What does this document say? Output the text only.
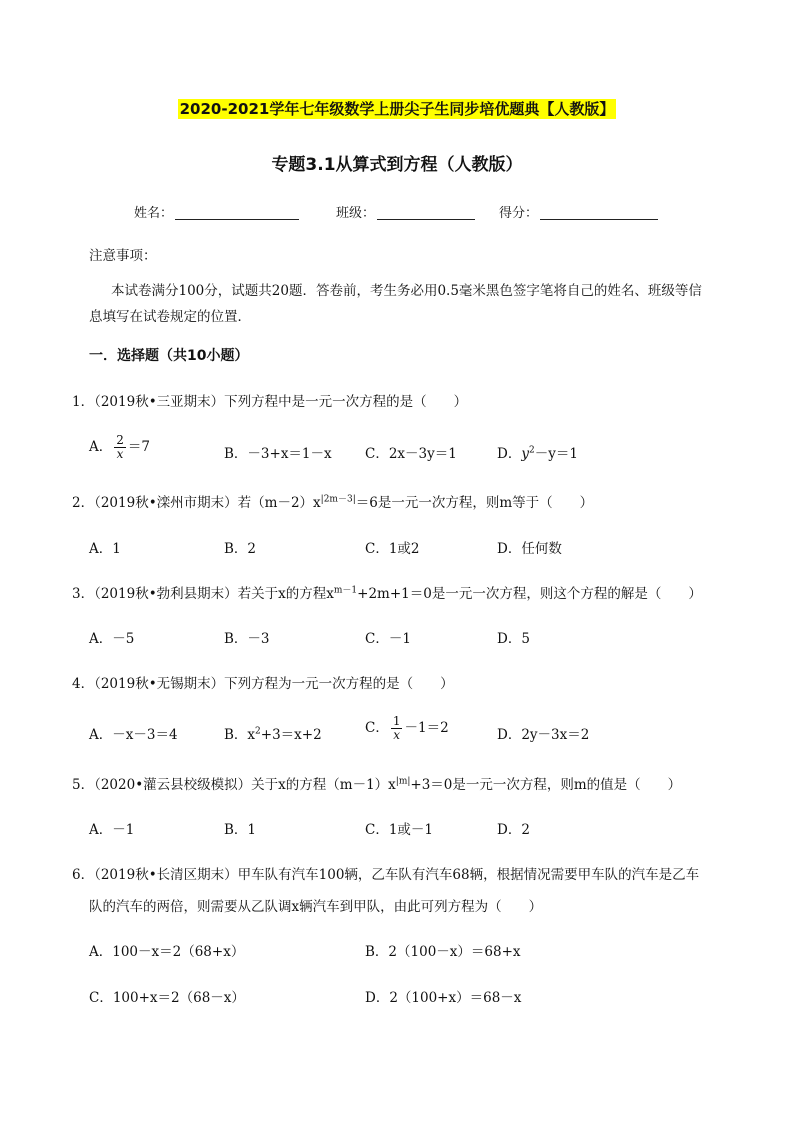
2020-2021学年七年级数学上册尖子生同步培优题典【人教版】
专题3.1从算式到方程（人教版）
姓名：	班级：	得分：
注意事项：
本试卷满分100分，试题共20题．答卷前，考生务必用0.5毫米黑色签字笔将自己的姓名、班级等信
息填写在试卷规定的位置．
一．选择题（共10小题）
1．（2019秋•三亚期末）下列方程中是一元一次方程的是（　　）
A． $\frac{2}{x} =7$	B．－3+x＝1－x C．2x－3y＝1	D．$y^2-y=1$
2．（2019秋•滦州市期末）若$(m-2)x^{|2m-3|}=6$是一元一次方程，则m等于（　　）
A．1	B．2	C．1或2	D．任何数
3．（2019秋•勃利县期末）若关于x的方程$x^{m-1}+2m+1=0$是一元一次方程，则这个方程的解是（　　）
A．－5	B．－3	C．－1	D．5
4．（2019秋•无锡期末）下列方程为一元一次方程的是（　　）
A．－x－3＝4	B．$x^2+3=x+2$	C． $\frac{1}{x} -1=2$	D．2y－3x＝2
5．（2020•灌云县校级模拟）关于x的方程$(m-1)x^{|m|}+3=0$是一元一次方程，则m的值是（　　）
A．－1	B．1	C．1或－1	D．2
6．（2019秋•长清区期末）甲车队有汽车100辆，乙车队有汽车68辆，根据情况需要甲车队的汽车是乙车
队的汽车的两倍，则需要从乙队调x辆汽车到甲队，由此可列方程为（　　）
A．100－x＝2（68+x）	B．2（100－x）＝68+x
C．100+x＝2（68－x）	D．2（100+x）＝68－x
